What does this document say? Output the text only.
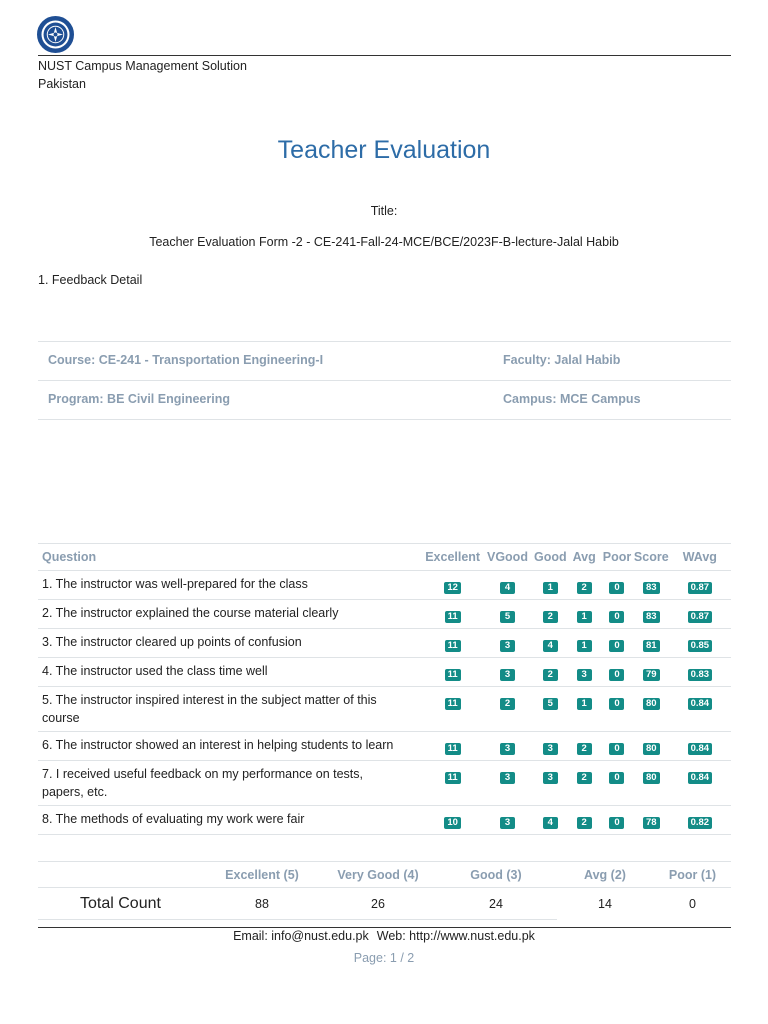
NUST Campus Management Solution
Pakistan
Teacher Evaluation
Title:
Teacher Evaluation Form -2 - CE-241-Fall-24-MCE/BCE/2023F-B-lecture-Jalal Habib
1. Feedback Detail
Course: CE-241 - Transportation Engineering-I	Faculty: Jalal Habib
Program: BE Civil Engineering	Campus: MCE Campus
Question	Excellent	VGood	Good	Avg	Poor	Score	WAvg
1. The instructor was well-prepared for the class	12	4	1	2	0	83	0.87
2. The instructor explained the course material clearly	11	5	2	1	0	83	0.87
3. The instructor cleared up points of confusion	11	3	4	1	0	81	0.85
4. The instructor used the class time well	11	3	2	3	0	79	0.83
5. The instructor inspired interest in the subject matter of this course	11	2	5	1	0	80	0.84
6. The instructor showed an interest in helping students to learn	11	3	3	2	0	80	0.84
7. I received useful feedback on my performance on tests, papers, etc.	11	3	3	2	0	80	0.84
8. The methods of evaluating my work were fair	10	3	4	2	0	78	0.82
	Excellent (5)	Very Good (4)	Good (3)	Avg (2)	Poor (1)
Total Count	88	26	24	14	0
Email: info@nust.edu.pk Web: http://www.nust.edu.pk
Page: 1 / 2
